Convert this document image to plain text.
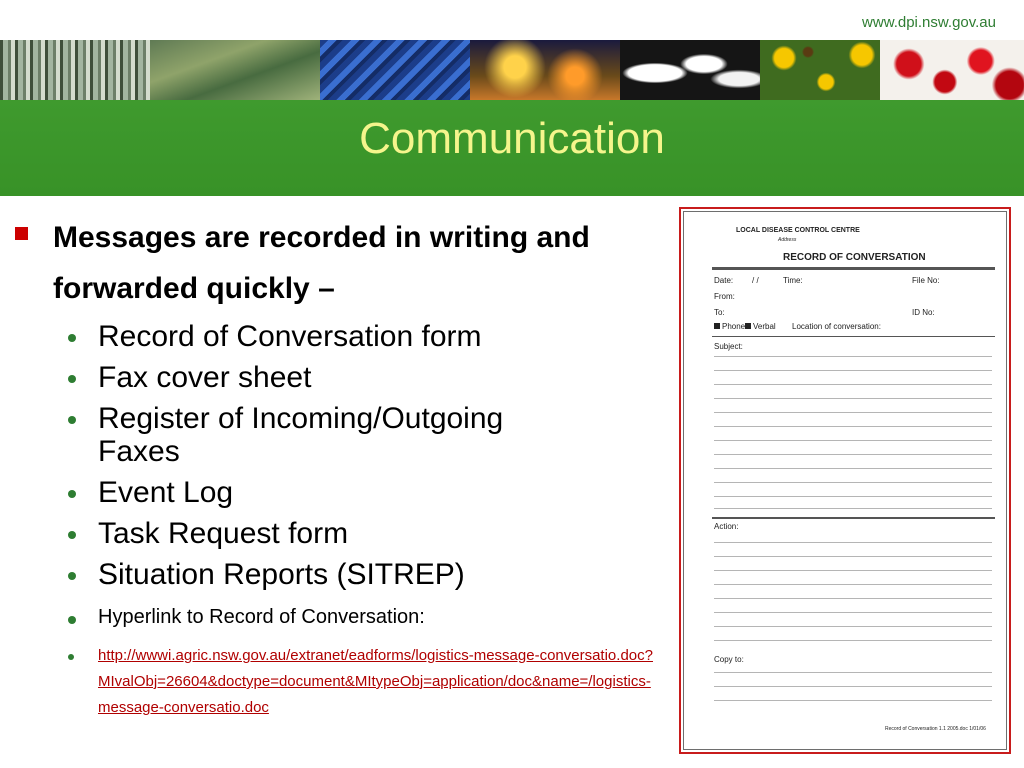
www.dpi.nsw.gov.au
Communication
Messages are recorded in writing and forwarded quickly –
Record of Conversation form
Fax cover sheet
Register of Incoming/Outgoing Faxes
Event Log
Task Request form
Situation Reports (SITREP)
Hyperlink to Record of Conversation:
http://wwwi.agric.nsw.gov.au/extranet/eadforms/logistics-message-conversatio.doc?MIvalObj=26604&doctype=document&MItypeObj=application/doc&name=/logistics-message-conversatio.doc
LOCAL DISEASE CONTROL CENTRE
Address
RECORD OF CONVERSATION
Date: / /	Time:	File No:
From:
To:	ID No:
Phone Verbal Location of conversation:
Subject:
Action:
Copy to:
Record of Conversation 1.1 2005.doc 1/01/06
